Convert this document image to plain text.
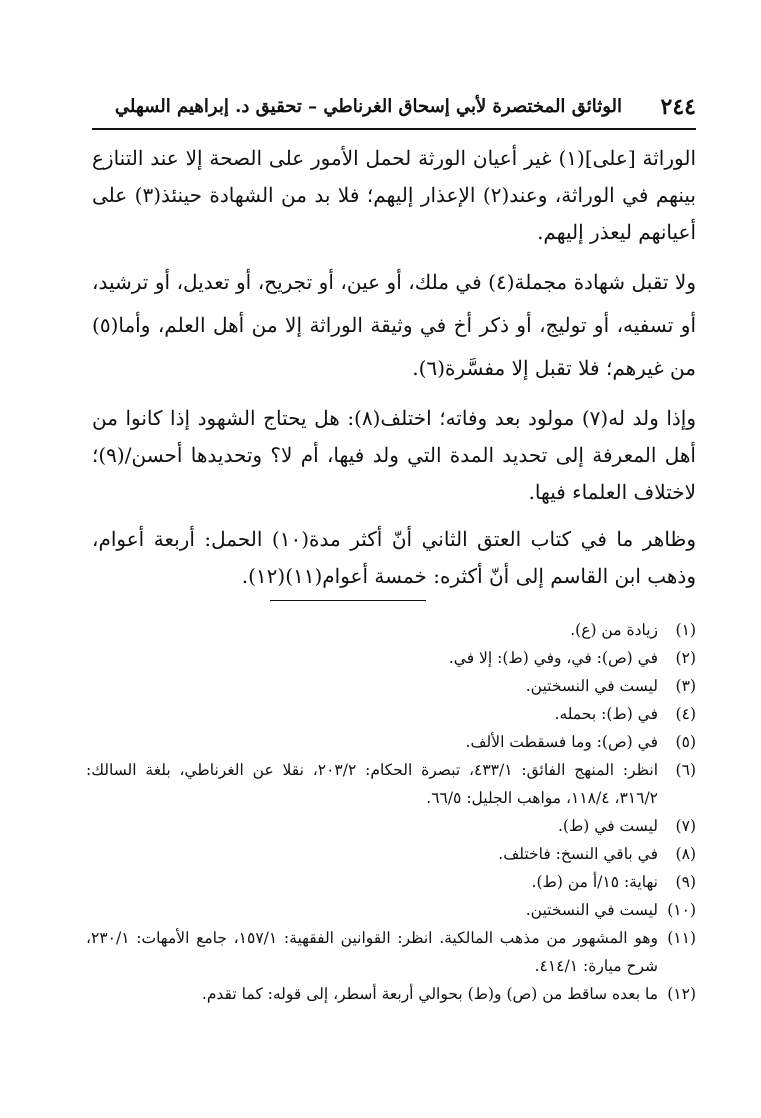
٢٤٤
الوثائق المختصرة لأبي إسحاق الغرناطي – تحقيق د. إبراهيم السهلي

الوراثة [على](١) غير أعيان الورثة لحمل الأمور على الصحة إلا عند التنازع بينهم في الوراثة، وعند(٢) الإعذار إليهم؛ فلا بد من الشهادة حينئذ(٣) على أعيانهم ليعذر إليهم.

ولا تقبل شهادة مجملة(٤) في ملك، أو عين، أو تجريح، أو تعديل، أو ترشيد، أو تسفيه، أو توليج، أو ذكر أخ في وثيقة الوراثة إلا من أهل العلم، وأما(٥) من غيرهم؛ فلا تقبل إلا مفسَّرة(٦).

وإذا ولد له(٧) مولود بعد وفاته؛ اختلف(٨): هل يحتاج الشهود إذا كانوا من أهل المعرفة إلى تحديد المدة التي ولد فيها، أم لا؟ وتحديدها أحسن/(٩)؛ لاختلاف العلماء فيها.

وظاهر ما في كتاب العتق الثاني أنّ أكثر مدة(١٠) الحمل: أربعة أعوام، وذهب ابن القاسم إلى أنّ أكثره: خمسة أعوام(١١)(١٢).

(١)
زيادة من (ع).
(٢)
في (ص): في، وفي (ط): إلا في.
(٣)
ليست في النسختين.
(٤)
في (ط): بحمله.
(٥)
في (ص): وما فسقطت الألف.
(٦)
انظر: المنهج الفائق: ٤٣٣/١، تبصرة الحكام: ٢٠٣/٢، نقلا عن الغرناطي، بلغة السالك: ٣١٦/٢، ١١٨/٤، مواهب الجليل: ٦٦/٥.
(٧)
ليست في (ط).
(٨)
في باقي النسخ: فاختلف.
(٩)
نهاية: ١٥/أ من (ط).
(١٠)
ليست في النسختين.
(١١)
وهو المشهور من مذهب المالكية. انظر: القوانين الفقهية: ١٥٧/١، جامع الأمهات: ٢٣٠/١، شرح ميارة: ٤١٤/١.
(١٢)
ما بعده ساقط من (ص) و(ط) بحوالي أربعة أسطر، إلى قوله: كما تقدم.
